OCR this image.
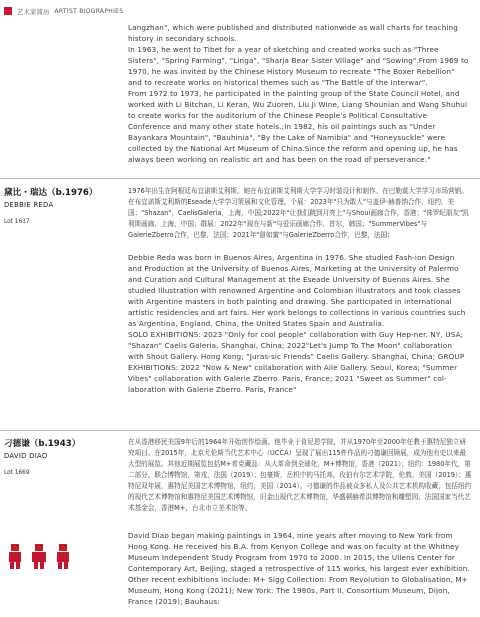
艺术家简历 ARTIST BIOGRAPHIES

Langzhan", which were published and distributed nationwide as wall charts for teaching history in secondary schools.

In 1963, he went to Tibet for a year of sketching and created works such as "Three Sisters", "Spring Farming", "Linga", "Sharja Bear Sister Village" and "Sowing".From 1969 to 1970, he was invited by the Chinese History Museum to recreate "The Boxer Rebellion" and to recreate works on historical themes such as "The Battle of the Interwar".

From 1972 to 1973, he participated in the painting group of the State Council Hotel, and worked with Li Bitchan, Li Keran, Wu Zuoren, Liu Ji Wine, Liang Shounian and Wang Shuhui to create works for the auditorium of the Chinese People's Political Consultative Conference and many other state hotels.;In 1982, his oil paintings such as "Under Bayankara Mountain", "Bauhinia", "By the Lake of Namibia" and "Honeysuckle" were collected by the National Art Museum of China.Since the reform and opening up, he has always been working on realistic art and has been on the road of perseverance."

黛比・瑞达（b.1976）
DEBBIE REDA
Lot 1637
1976年出生在阿根廷布宜诺斯艾利斯。她在布宜诺斯艾利斯大学学习时装设计和制作。在巴勒莫大学学习市场营销。在布宜诺斯艾利斯的Eseade大学学习策展和文化管理。个展：2023年"只为敢人"与盖伊-赫普纳合作，纽约，美国；"Shazan"，CaelisGaleria，上海，中国;2022年"让我们跳到月亮上"与Shoui画廊合作，香港；"侏罗纪朋友"凯利斯画廊，上海，中国；群展：2022年"现在与新"与爱乐画廊合作，首尔，韩国；"SummerVibes"与GalerieZberro合作，巴黎，法国；2021年"甜如蜜"与GalerieZberro合作，巴黎，法国；

Debbie Reda was born in Buenos Aires, Argentina in 1976. She studied Fash-ion Design and Production at the University of Buenos Aires, Marketing at the University of Palermo and Curation and Cultural Management at the Eseade University of Buenos Aires. She studied Illustration with renowned Argentine and Colombian illustrators and took classes with Argentine masters in both painting and drawing. She participated in international artistic residencies and art fairs. Her work belongs to collections in various countries such as Argentina, England, China, the United States Spain and Australia.

SOLO EXHIBITIONS: 2023 "Only for cool people" collaboration with Guy Hep-ner. NY, USA; "Shazan" Caelis Galeria. Shanghai, China; 2022"Let's Jump To The Moon" collaboration with Shout Gallery. Hong Kong; "Juras-sic Friends" Caelis Gallery. Shanghai, China; GROUP EXHIBITIONS: 2022 "Now & New" collaboration with Aile Gallery. Seoul, Korea; "Summer Vibes" collaboration with Galerie Zberro. Paris, France; 2021 "Sweet as Summer" col-laboration with Galerie Zberro. Paris, France"

刁德谦（b.1943）
DAVID DIAO
Lot 1669
在从香港移民美国9年后的1964年开始创作绘画。他毕业于肯尼恩学院，并从1970年至2000年任教于惠特尼独立研究项目。在2015年，北京尤伦斯当代艺术中心（UCCA）呈现了展出115件作品的刁德谦回顾展，成为他有史以来最大型的展览。其他近期展览包括M+希克藏品：从大革命到全球化，M+博物馆，香港（2021）；纽约：1980年代，第二部分，联合博物馆，第戎，法国（2019）；包豪斯，岳机中的马托邦，玫伯有尔艺术学院，伦敦，美国（2019）；惠特尼双年展，惠特尼美国艺术博物馆，纽约，美国（2014）。刁德谦的作品被众多私人及公共艺术机构收藏，包括纽约的现代艺术博物馆和惠特尼美国艺术博物馆，旧金山现代艺术博物馆，华盛顿赫希洪博物馆和雕塑园，法国国家当代艺术基金会，香港M+，台北市立美术馆等。

David Diao began making paintings in 1964, nine years after moving to New York from Hong Kong. He received his B.A. from Kenyon College and was on faculty at the Whitney Museum Independent Study Program from 1970 to 2000. In 2015, the Ullens Center for Contemporary Art, Beijing, staged a retrospective of 115 works, his largest ever exhibition. Other recent exhibitions include: M+ Sigg Collection: From Revolution to Globalisation, M+ Museum, Hong Kong (2021); New York: The 1980s, Part II, Consortium Museum, Dijon, France (2019); Bauhaus:
